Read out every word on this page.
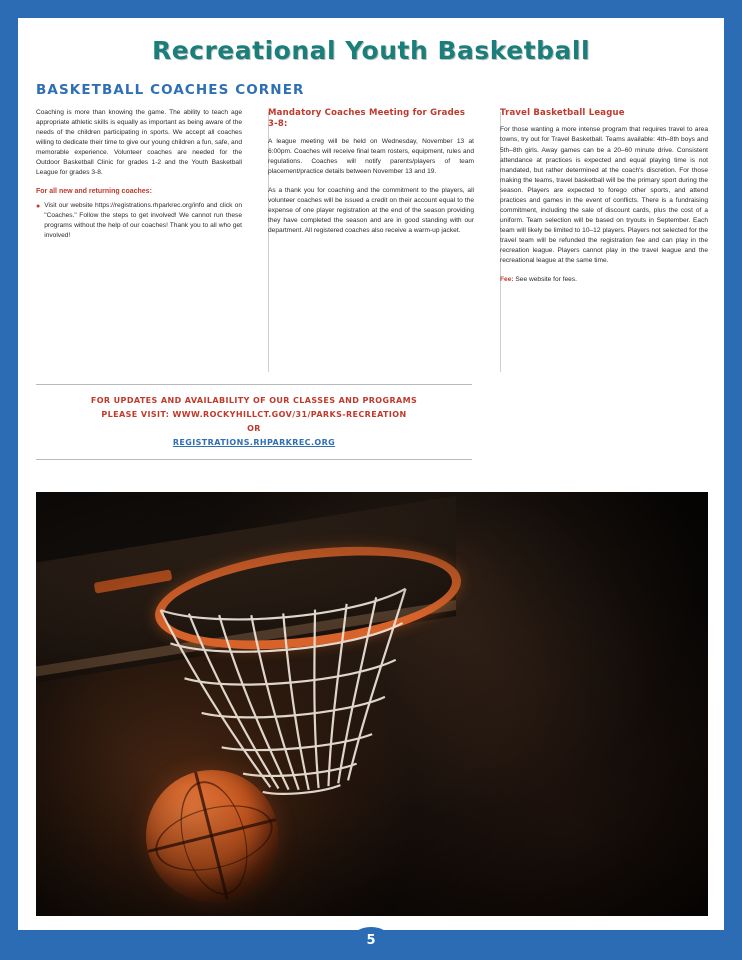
5
Recreational Youth Basketball
BASKETBALL COACHES CORNER

Coaching is more than knowing the game. The ability to teach age appropriate athletic skills is equally as important as being aware of the needs of the children participating in sports. We accept all coaches willing to dedicate their time to give our young children a fun, safe, and memorable experience. Volunteer coaches are needed for the Outdoor Basketball Clinic for grades 1-2 and the Youth Basketball League for grades 3-8.

For all new and returning coaches:
● Visit our website https://registrations.rhparkrec.org/info and click on "Coaches." Follow the steps to get involved! We cannot run these programs without the help of our coaches! Thank you to all who get involved!
Mandatory Coaches Meeting for Grades 3-8:

A league meeting will be held on Wednesday, November 13 at 6:00pm. Coaches will receive final team rosters, equipment, rules and regulations. Coaches will notify parents/players of team placement/practice details between November 13 and 19.

As a thank you for coaching and the commitment to the players, all volunteer coaches will be issued a credit on their account equal to the expense of one player registration at the end of the season providing they have completed the season and are in good standing with our department. All registered coaches also receive a warm-up jacket.

Travel Basketball League

For those wanting a more intense program that requires travel to area towns, try out for Travel Basketball. Teams available: 4th–8th boys and 5th–8th girls. Away games can be a 20–60 minute drive. Consistent attendance at practices is expected and equal playing time is not mandated, but rather determined at the coach's discretion. For those making the teams, travel basketball will be the primary sport during the season. Players are expected to forego other sports, and attend practices and games in the event of conflicts. There is a fundraising commitment, including the sale of discount cards, plus the cost of a uniform. Team selection will be based on tryouts in September. Each team will likely be limited to 10–12 players. Players not selected for the travel team will be refunded the registration fee and can play in the recreation league. Players cannot play in the travel league and the recreational league at the same time.

Fee: See website for fees.
FOR UPDATES AND AVAILABILITY OF OUR CLASSES AND PROGRAMS
PLEASE VISIT: WWW.ROCKYHILLCT.GOV/31/PARKS-RECREATION
OR
REGISTRATIONS.RHPARKREC.ORG
